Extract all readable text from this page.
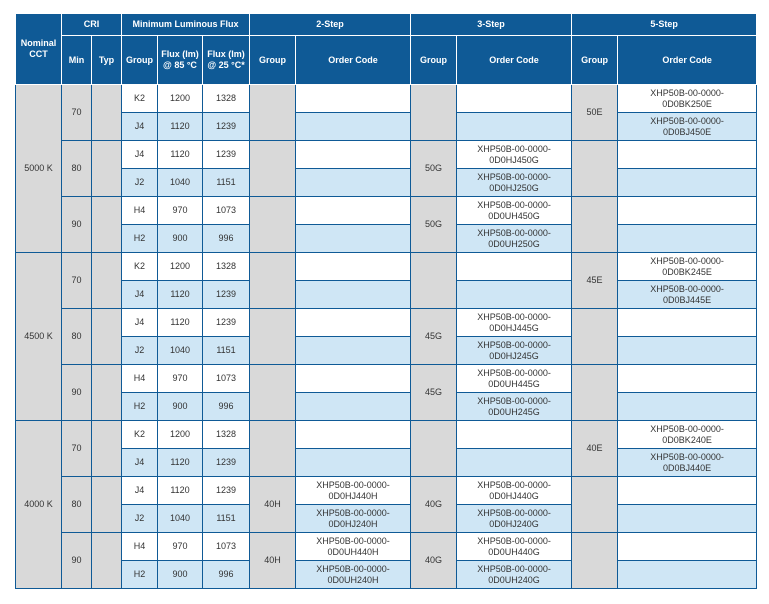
Nominal
CCT	CRI		Minimum Luminous Flux			2-Step		3-Step		5-Step	
	Min	Typ	Group	Flux (lm)
@ 85 °C	Flux (lm)
@ 25 °C*	Group	Order Code	Group	Order Code	Group	Order Code
5000 K	70		K2	1200	1328					50E	XHP50B-00-0000-
0D0BK250E
			J4	1120	1239						XHP50B-00-0000-
0D0BJ450E
	80		J4	1120	1239			50G	XHP50B-00-0000-
0D0HJ450G		
			J2	1040	1151				XHP50B-00-0000-
0D0HJ250G		
	90		H4	970	1073			50G	XHP50B-00-0000-
0D0UH450G		
			H2	900	996				XHP50B-00-0000-
0D0UH250G		
4500 K	70		K2	1200	1328					45E	XHP50B-00-0000-
0D0BK245E
			J4	1120	1239						XHP50B-00-0000-
0D0BJ445E
	80		J4	1120	1239			45G	XHP50B-00-0000-
0D0HJ445G		
			J2	1040	1151				XHP50B-00-0000-
0D0HJ245G		
	90		H4	970	1073			45G	XHP50B-00-0000-
0D0UH445G		
			H2	900	996				XHP50B-00-0000-
0D0UH245G		
4000 K	70		K2	1200	1328					40E	XHP50B-00-0000-
0D0BK240E
			J4	1120	1239						XHP50B-00-0000-
0D0BJ440E
	80		J4	1120	1239	40H	XHP50B-00-0000-
0D0HJ440H	40G	XHP50B-00-0000-
0D0HJ440G		
			J2	1040	1151		XHP50B-00-0000-
0D0HJ240H		XHP50B-00-0000-
0D0HJ240G		
	90		H4	970	1073	40H	XHP50B-00-0000-
0D0UH440H	40G	XHP50B-00-0000-
0D0UH440G		
			H2	900	996		XHP50B-00-0000-
0D0UH240H		XHP50B-00-0000-
0D0UH240G		
